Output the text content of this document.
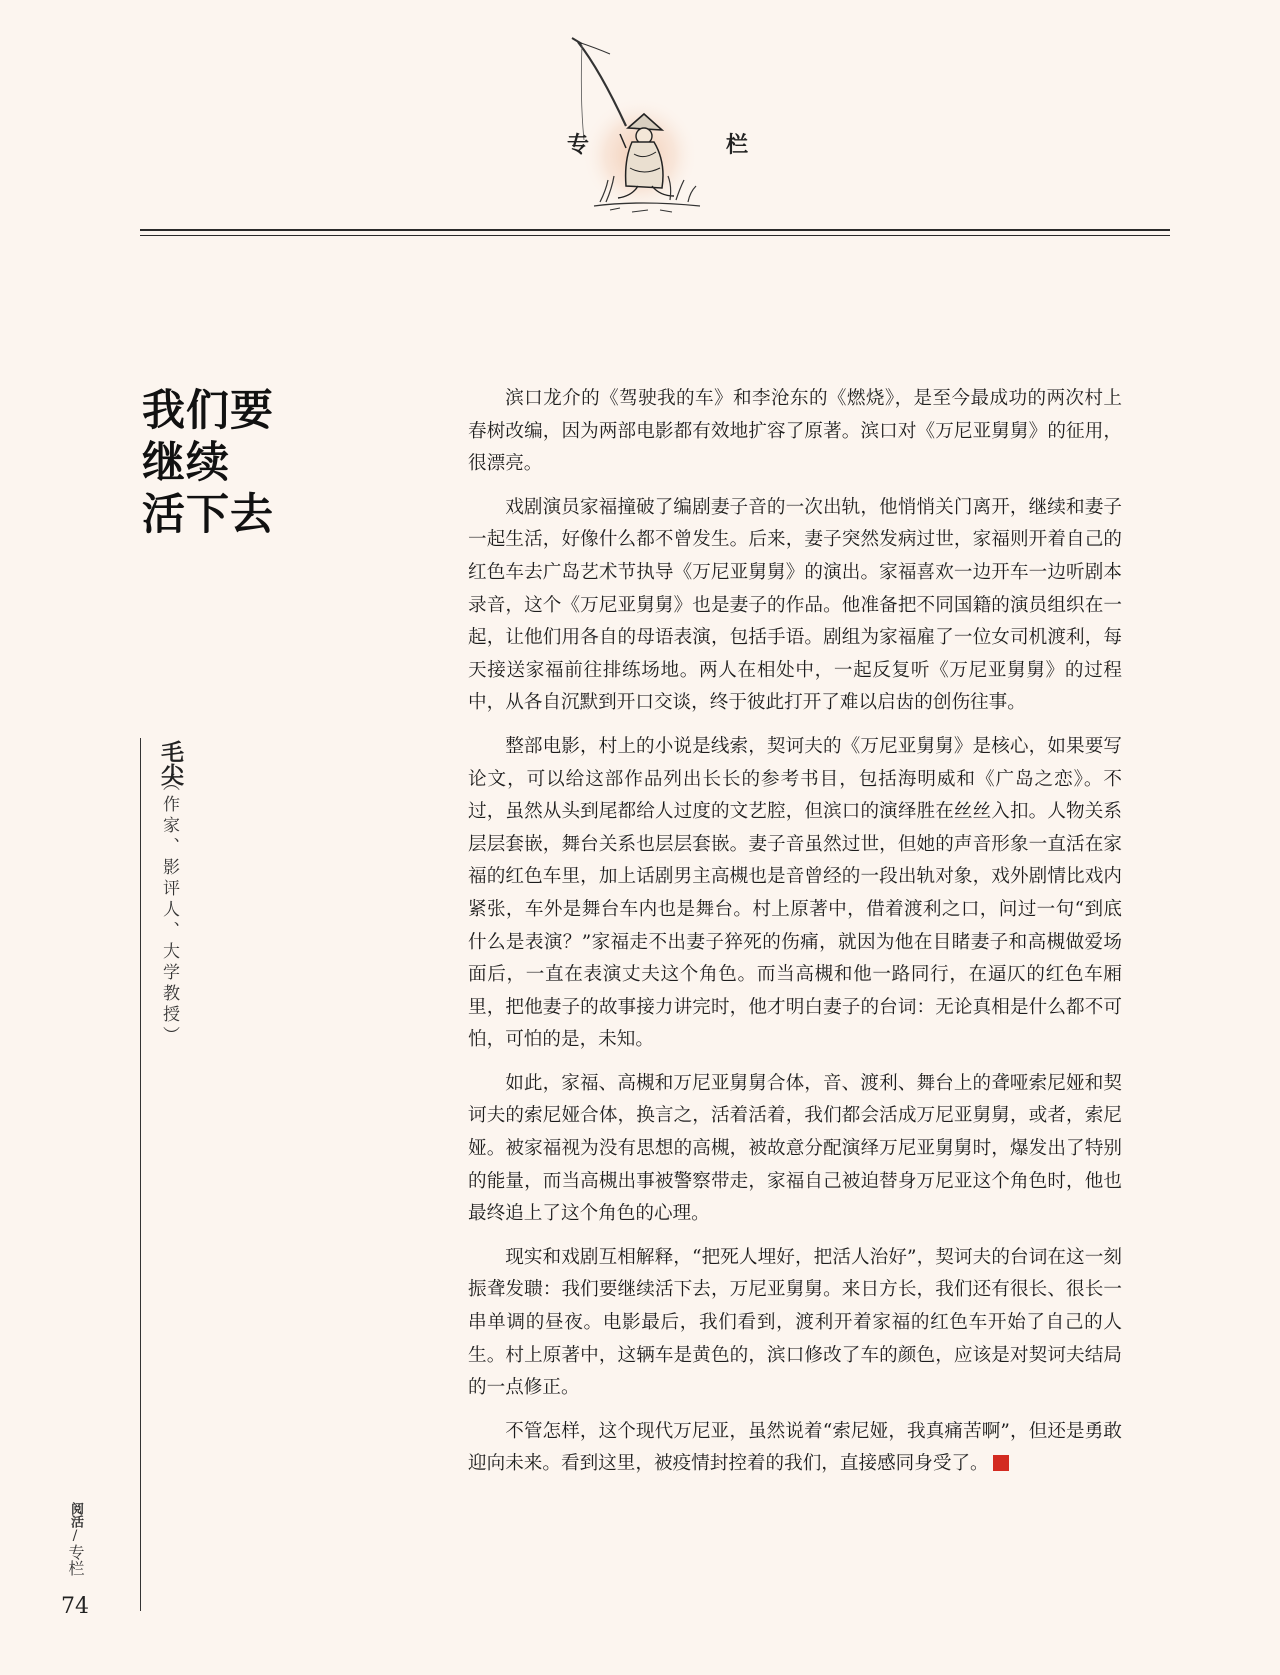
专	栏
我们要
继续
活下去
毛尖
（作家、影评人、大学教授）

滨口龙介的《驾驶我的车》和李沧东的《燃烧》，是至今最成功的两次村上春树改编，因为两部电影都有效地扩容了原著。滨口对《万尼亚舅舅》的征用，很漂亮。

戏剧演员家福撞破了编剧妻子音的一次出轨，他悄悄关门离开，继续和妻子一起生活，好像什么都不曾发生。后来，妻子突然发病过世，家福则开着自己的红色车去广岛艺术节执导《万尼亚舅舅》的演出。家福喜欢一边开车一边听剧本录音，这个《万尼亚舅舅》也是妻子的作品。他准备把不同国籍的演员组织在一起，让他们用各自的母语表演，包括手语。剧组为家福雇了一位女司机渡利，每天接送家福前往排练场地。两人在相处中，一起反复听《万尼亚舅舅》的过程中，从各自沉默到开口交谈，终于彼此打开了难以启齿的创伤往事。

整部电影，村上的小说是线索，契诃夫的《万尼亚舅舅》是核心，如果要写论文，可以给这部作品列出长长的参考书目，包括海明威和《广岛之恋》。不过，虽然从头到尾都给人过度的文艺腔，但滨口的演绎胜在丝丝入扣。人物关系层层套嵌，舞台关系也层层套嵌。妻子音虽然过世，但她的声音形象一直活在家福的红色车里，加上话剧男主高槻也是音曾经的一段出轨对象，戏外剧情比戏内紧张，车外是舞台车内也是舞台。村上原著中，借着渡利之口，问过一句“到底什么是表演？”家福走不出妻子猝死的伤痛，就因为他在目睹妻子和高槻做爱场面后，一直在表演丈夫这个角色。而当高槻和他一路同行，在逼仄的红色车厢里，把他妻子的故事接力讲完时，他才明白妻子的台词：无论真相是什么都不可怕，可怕的是，未知。

如此，家福、高槻和万尼亚舅舅合体，音、渡利、舞台上的聋哑索尼娅和契诃夫的索尼娅合体，换言之，活着活着，我们都会活成万尼亚舅舅，或者，索尼娅。被家福视为没有思想的高槻，被故意分配演绎万尼亚舅舅时，爆发出了特别的能量，而当高槻出事被警察带走，家福自己被迫替身万尼亚这个角色时，他也最终追上了这个角色的心理。

现实和戏剧互相解释，“把死人埋好，把活人治好”，契诃夫的台词在这一刻振聋发聩：我们要继续活下去，万尼亚舅舅。来日方长，我们还有很长、很长一串单调的昼夜。电影最后，我们看到，渡利开着家福的红色车开始了自己的人生。村上原著中，这辆车是黄色的，滨口修改了车的颜色，应该是对契诃夫结局的一点修正。

不管怎样，这个现代万尼亚，虽然说着“索尼娅，我真痛苦啊”，但还是勇敢迎向未来。看到这里，被疫情封控着的我们，直接感同身受了。

阅活/专栏
74
